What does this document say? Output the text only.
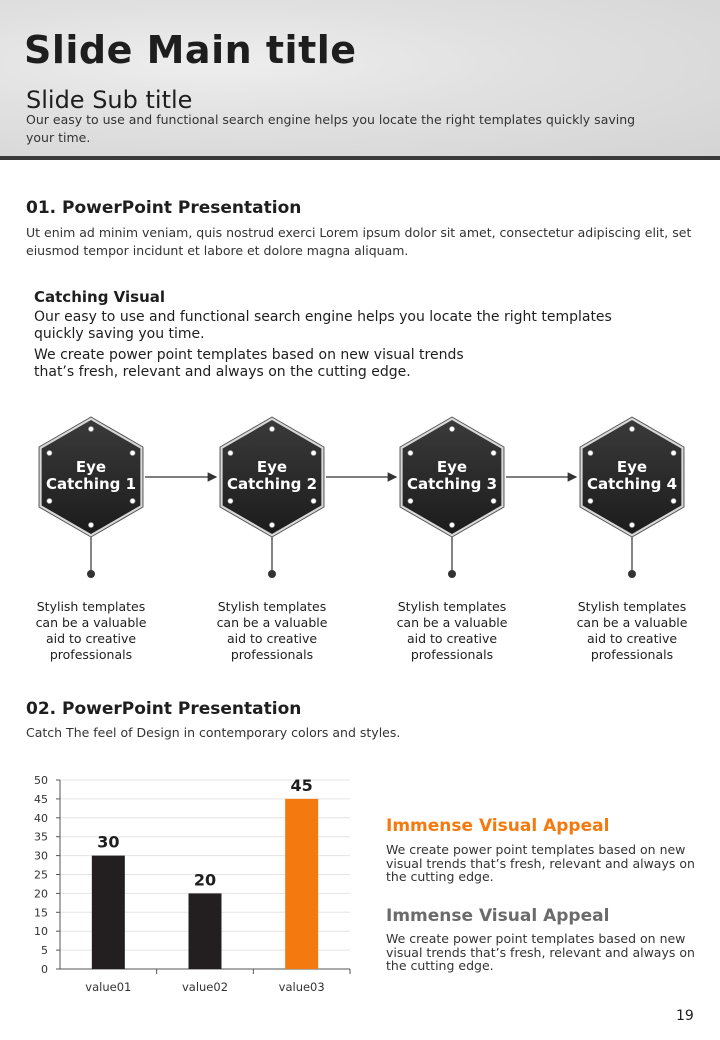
Slide Main title
Slide Sub title
Our easy to use and functional search engine helps you locate the right templates quickly saving your time.
01. PowerPoint Presentation
Ut enim ad minim veniam, quis nostrud exerci Lorem ipsum dolor sit amet, consectetur adipiscing elit, set eiusmod tempor incidunt et labore et dolore magna aliquam.
Catching Visual
Our easy to use and functional search engine helps you locate the right templates quickly saving you time.
We create power point templates based on new visual trends that’s fresh, relevant and always on the cutting edge.
Eye
Catching 1
Stylish templates can be a valuable aid to creative professionals
Eye
Catching 2
Stylish templates can be a valuable aid to creative professionals
Eye
Catching 3
Stylish templates can be a valuable aid to creative professionals
Eye
Catching 4
Stylish templates can be a valuable aid to creative professionals
02. PowerPoint Presentation
Catch The feel of Design in contemporary colors and styles.
0
5
10
15
20
25
30
35
40
45
50
30
value01
20
value02
45
value03
Immense Visual Appeal
We create power point templates based on new visual trends that’s fresh, relevant and always on the cutting edge.
Immense Visual Appeal
We create power point templates based on new visual trends that’s fresh, relevant and always on the cutting edge.
19
